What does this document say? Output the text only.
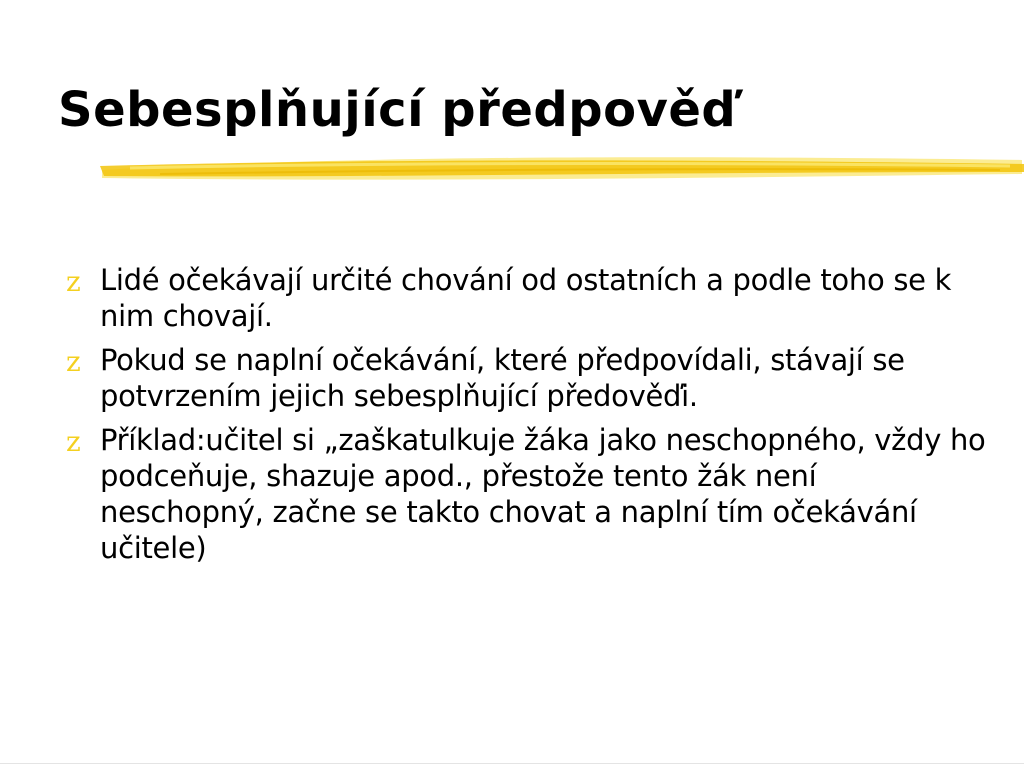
Sebesplňující předpověď
z Lidé očekávají určité chování od ostatních a podle toho se k nim chovají.
z Pokud se naplní očekávání, které předpovídali, stávají se potvrzením jejich sebesplňující předověďi.
z Příklad:učitel si „zaškatulkuje žáka jako neschopného, vždy ho podceňuje, shazuje apod., přestože tento žák není neschopný, začne se takto chovat a naplní tím očekávání učitele)
